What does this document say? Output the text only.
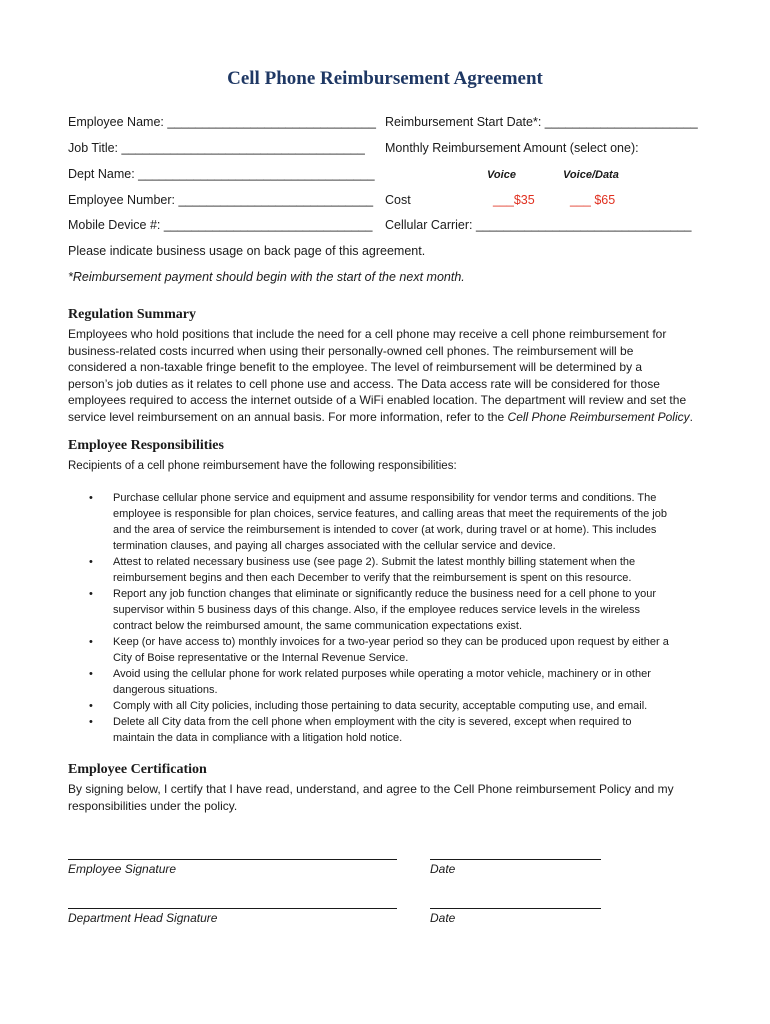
Cell Phone Reimbursement Agreement
Employee Name: ______________________________
Job Title: ___________________________________
Dept Name: __________________________________
Employee Number: ____________________________
Mobile Device #: ______________________________
Reimbursement Start Date*: ______________________
Monthly Reimbursement Amount (select one):
Voice	Voice/Data
Cost	___$35	___ $65
Cellular Carrier: _______________________________
Please indicate business usage on back page of this agreement.
*Reimbursement payment should begin with the start of the next month.
Regulation Summary

Employees who hold positions that include the need for a cell phone may receive a cell phone reimbursement for

business-related costs incurred when using their personally-owned cell phones. The reimbursement will be

considered a non-taxable fringe benefit to the employee. The level of reimbursement will be determined by a

person’s job duties as it relates to cell phone use and access. The Data access rate will be considered for those

employees required to access the internet outside of a WiFi enabled location. The department will review and set the

service level reimbursement on an annual basis. For more information, refer to the Cell Phone Reimbursement Policy.

Employee Responsibilities
Recipients of a cell phone reimbursement have the following responsibilities:
• Purchase cellular phone service and equipment and assume responsibility for vendor terms and conditions. The
employee is responsible for plan choices, service features, and calling areas that meet the requirements of the job
and the area of service the reimbursement is intended to cover (at work, during travel or at home). This includes
termination clauses, and paying all charges associated with the cellular service and device.
• Attest to related necessary business use (see page 2). Submit the latest monthly billing statement when the
reimbursement begins and then each December to verify that the reimbursement is spent on this resource.
• Report any job function changes that eliminate or significantly reduce the business need for a cell phone to your
supervisor within 5 business days of this change. Also, if the employee reduces service levels in the wireless
contract below the reimbursed amount, the same communication expectations exist.
• Keep (or have access to) monthly invoices for a two-year period so they can be produced upon request by either a
City of Boise representative or the Internal Revenue Service.
• Avoid using the cellular phone for work related purposes while operating a motor vehicle, machinery or in other
dangerous situations.
• Comply with all City policies, including those pertaining to data security, acceptable computing use, and email.
• Delete all City data from the cell phone when employment with the city is severed, except when required to
maintain the data in compliance with a litigation hold notice.
Employee Certification

By signing below, I certify that I have read, understand, and agree to the Cell Phone reimbursement Policy and my

responsibilities under the policy.

Employee Signature	Date
Department Head Signature	Date
